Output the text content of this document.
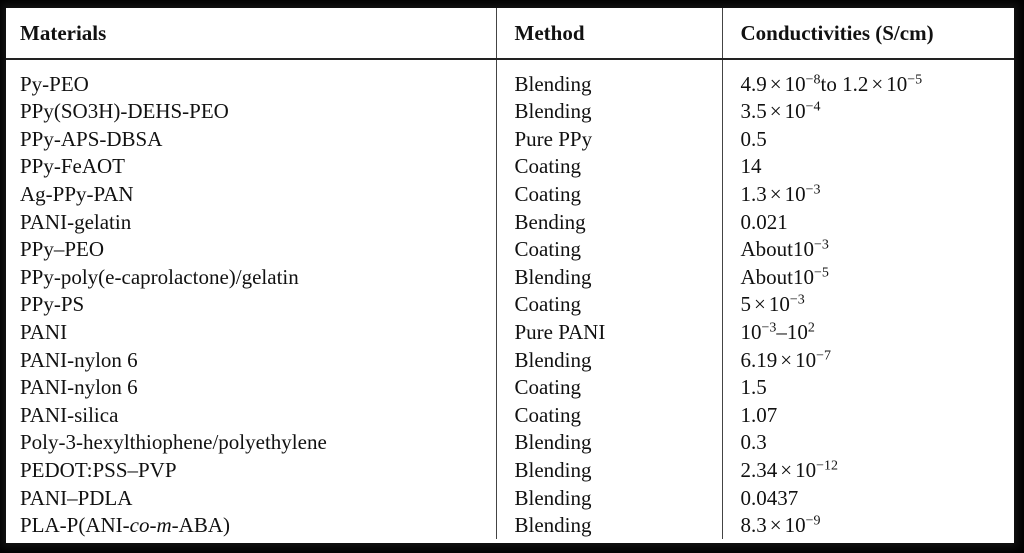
Materials	Method	Conductivities (S/cm)
Py-PEO	Blending	$4.9 \times 10^{-8}to$ $1.2 \times 10^{-5}$
PPy(SO3H)-DEHS-PEO	Blending	$3.5 \times 10^{-4}$
PPy-APS-DBSA	Pure PPy	0.5
PPy-FeAOT	Coating	14
Ag-PPy-PAN	Coating	$1.3 \times 10^{-3}$
PANI-gelatin	Bending	0.021
PPy–PEO	Coating	$About10^{-3}$
PPy-poly(e-caprolactone)/gelatin	Blending	$About10^{-5}$
PPy-PS	Coating	$5 \times 10^{-3}$
PANI	Pure PANI	$10^{-3}-10^2$
PANI-nylon 6	Blending	$6.19 \times 10^{-7}$
PANI-nylon 6	Coating	1.5
PANI-silica	Coating	1.07
Poly-3-hexylthiophene/polyethylene	Blending	0.3
PEDOT:PSS–PVP	Blending	$2.34 \times 10^{-12}$
PANI–PDLA	Blending	0.0437
PLA-P(ANI-co-m-ABA)	Blending	$8.3 \times 10^{-9}$
